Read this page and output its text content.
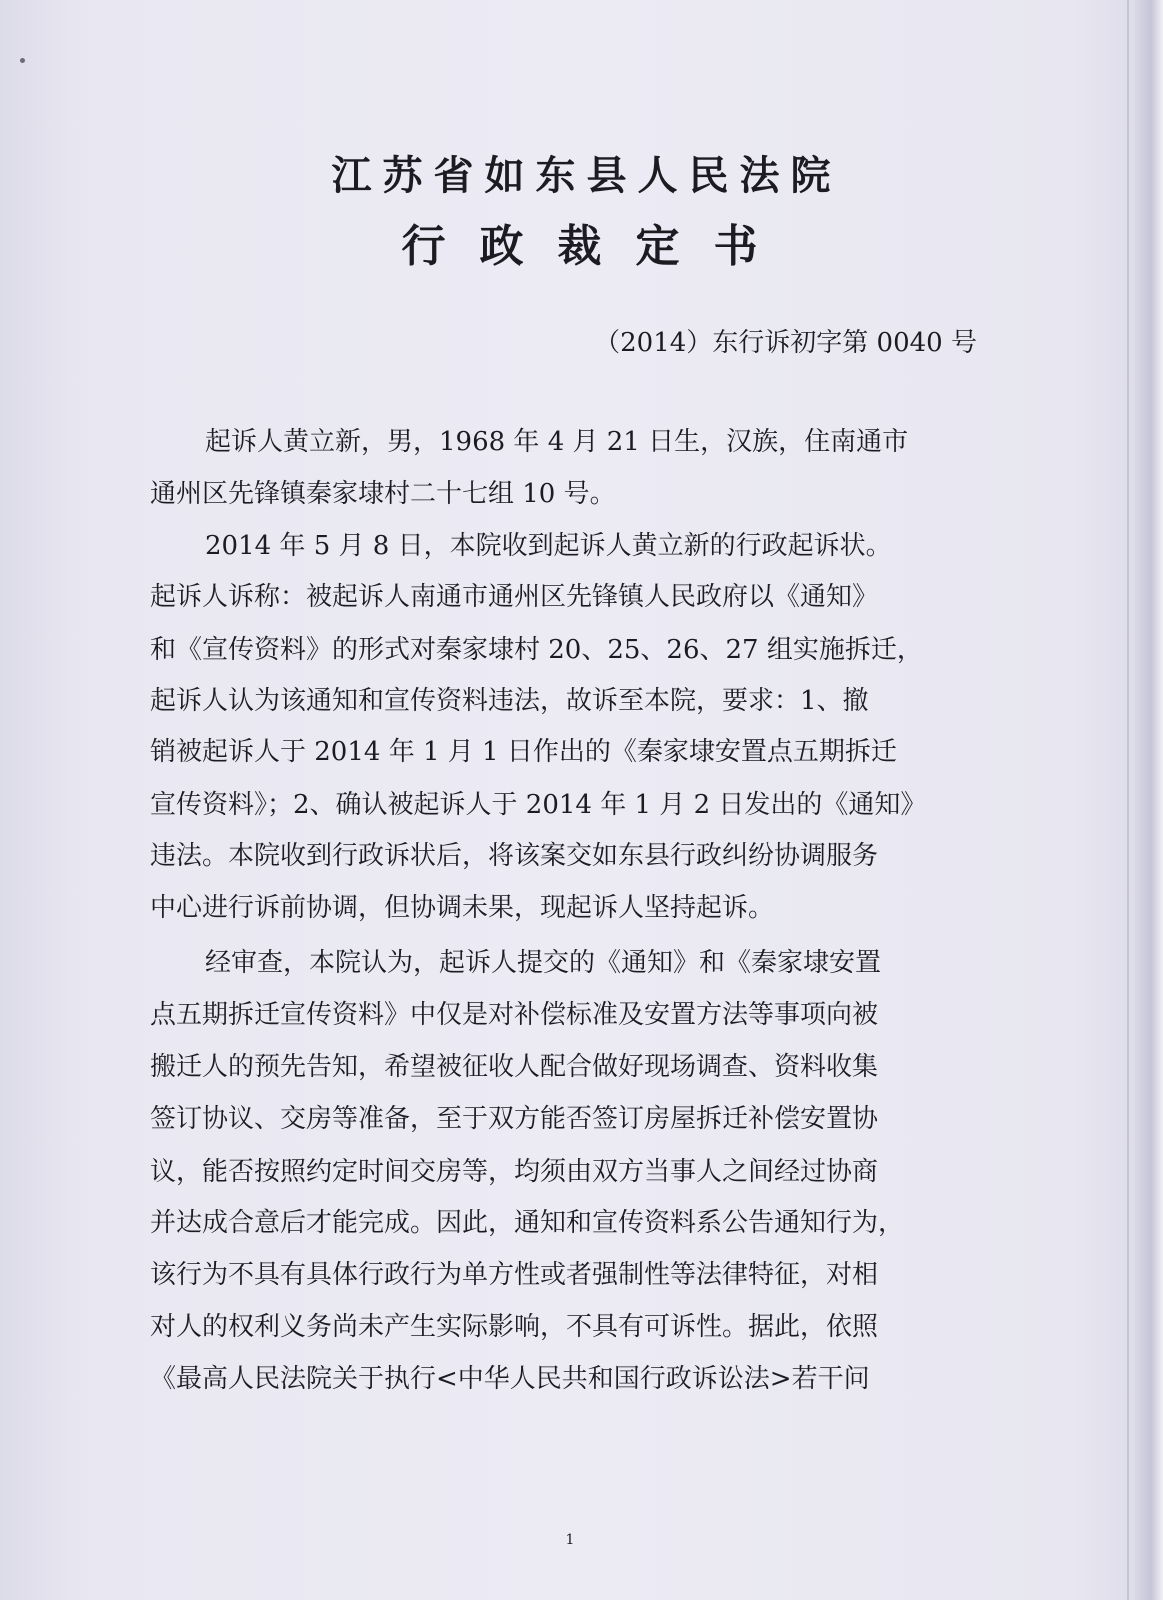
江苏省如东县人民法院
行政裁定书
（2014）东行诉初字第 0040 号
起诉人黄立新，男，1968 年 4 月 21 日生，汉族，住南通市
通州区先锋镇秦家埭村二十七组 10 号。
2014 年 5 月 8 日，本院收到起诉人黄立新的行政起诉状。
起诉人诉称：被起诉人南通市通州区先锋镇人民政府以《通知》
和《宣传资料》的形式对秦家埭村 20、25、26、27 组实施拆迁，
起诉人认为该通知和宣传资料违法，故诉至本院，要求：1、撤
销被起诉人于 2014 年 1 月 1 日作出的《秦家埭安置点五期拆迁
宣传资料》；2、确认被起诉人于 2014 年 1 月 2 日发出的《通知》
违法。本院收到行政诉状后，将该案交如东县行政纠纷协调服务
中心进行诉前协调，但协调未果，现起诉人坚持起诉。
经审查，本院认为，起诉人提交的《通知》和《秦家埭安置
点五期拆迁宣传资料》中仅是对补偿标准及安置方法等事项向被
搬迁人的预先告知，希望被征收人配合做好现场调查、资料收集
签订协议、交房等准备，至于双方能否签订房屋拆迁补偿安置协
议，能否按照约定时间交房等，均须由双方当事人之间经过协商
并达成合意后才能完成。因此，通知和宣传资料系公告通知行为，
该行为不具有具体行政行为单方性或者强制性等法律特征，对相
对人的权利义务尚未产生实际影响，不具有可诉性。据此，依照
《最高人民法院关于执行<中华人民共和国行政诉讼法>若干问
1
